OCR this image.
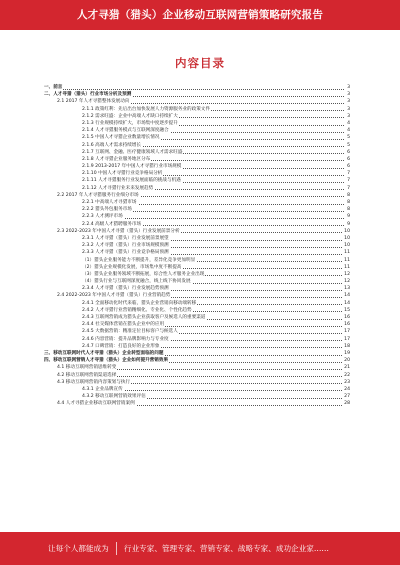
人才寻猎（猎头）企业移动互联网营销策略研究报告
内容目录
一、前言	3
二、人才寻猎（猎头）行业市场分析及预测	3
2.1 2017 年人才寻猎整体发展动向	3
2.1.1 政策红利：先后出台加快发展人力资源服务业的政策文件	3
2.1.2 需求旺盛：企业中高端人才缺口持续扩大	3
2.1.3 行业规模持续扩大，市场集中度逐步提升	4
2.1.4 人才寻猎服务模式与互联网深度融合	4
2.1.5 中国人才寻猎企业数量增长情况	5
2.1.6 高端人才需求持续增长	5
2.1.7 互联网、金融、医疗健康领域人才需求旺盛	6
2.1.8 人才寻猎企业服务地区分布	6
2.1.9 2013-2017 年中国人才寻猎行业市场规模	6
2.1.10 中国人才寻猎行业竞争格局分析	7
2.1.11 人才寻猎服务行业发展面临的挑战与机遇	7
2.1.12 人才寻猎行业未来发展趋势	7
2.2 2017 年人才寻猎服务行业细分市场	8
2.2.1 中高端人才寻猎市场	8
2.2.2 猎头外包服务市场	8
2.2.3 人才测评市场	9
2.2.4 高级人才猎聘服务市场	9
2.3 2022-2023 年中国人才寻猎（猎头）行业发展前景分析	10
2.3.1 人才寻猎（猎头）行业发展前景展望	10
2.3.2 人才寻猎（猎头）行业市场规模预测	10
2.3.3 人才寻猎（猎头）行业竞争格局预测	11
（1）猎头企业服务能力不断提升，差异化竞争更加明显	11
（2）猎头企业规模化发展，市场集中度不断提高	11
（3）猎头企业服务领域不断拓展，综合性人才服务企业出现	12
（4）猎头行业与互联网深度融合，线上线下协同发展	12
2.3.4 人才寻猎（猎头）行业发展趋势预测	13
2.4 2022-2023 年中国人才寻猎（猎头）行业营销趋势	14
2.4.1 全面移动化时代来临，猎头企业营销向移动端转移	14
2.4.2 人才寻猎行业营销精细化、专业化、个性化趋势	15
2.4.3 互联网营销成为猎头企业获取客户及候选人的重要渠道	16
2.4.4 社交媒体营销在猎头企业中的应用	16
2.4.5 大数据营销：精准定位目标客户与候选人	17
2.4.6 内容营销：提升品牌影响力与专业度	17
2.4.7 口碑营销：打造良好的企业形象	18
三、移动互联网时代人才寻猎（猎头）企业转型面临的问题	19
四、移动互联网营销人才寻猎（猎头）企业如何提升营销效果	20
4.1 移动互联网营销思维转变	21
4.2 移动互联网营销渠道选择	22
4.3 移动互联网营销内容策划与执行	23
4.3.1 企业品牌宣传	24
4.3.2 移动互联网营销效果评估	27
4.4 人才寻猎企业移动互联网营销案例	28
让每个人都能成为 行业专家、管理专家、营销专家、战略专家、成功企业家……
